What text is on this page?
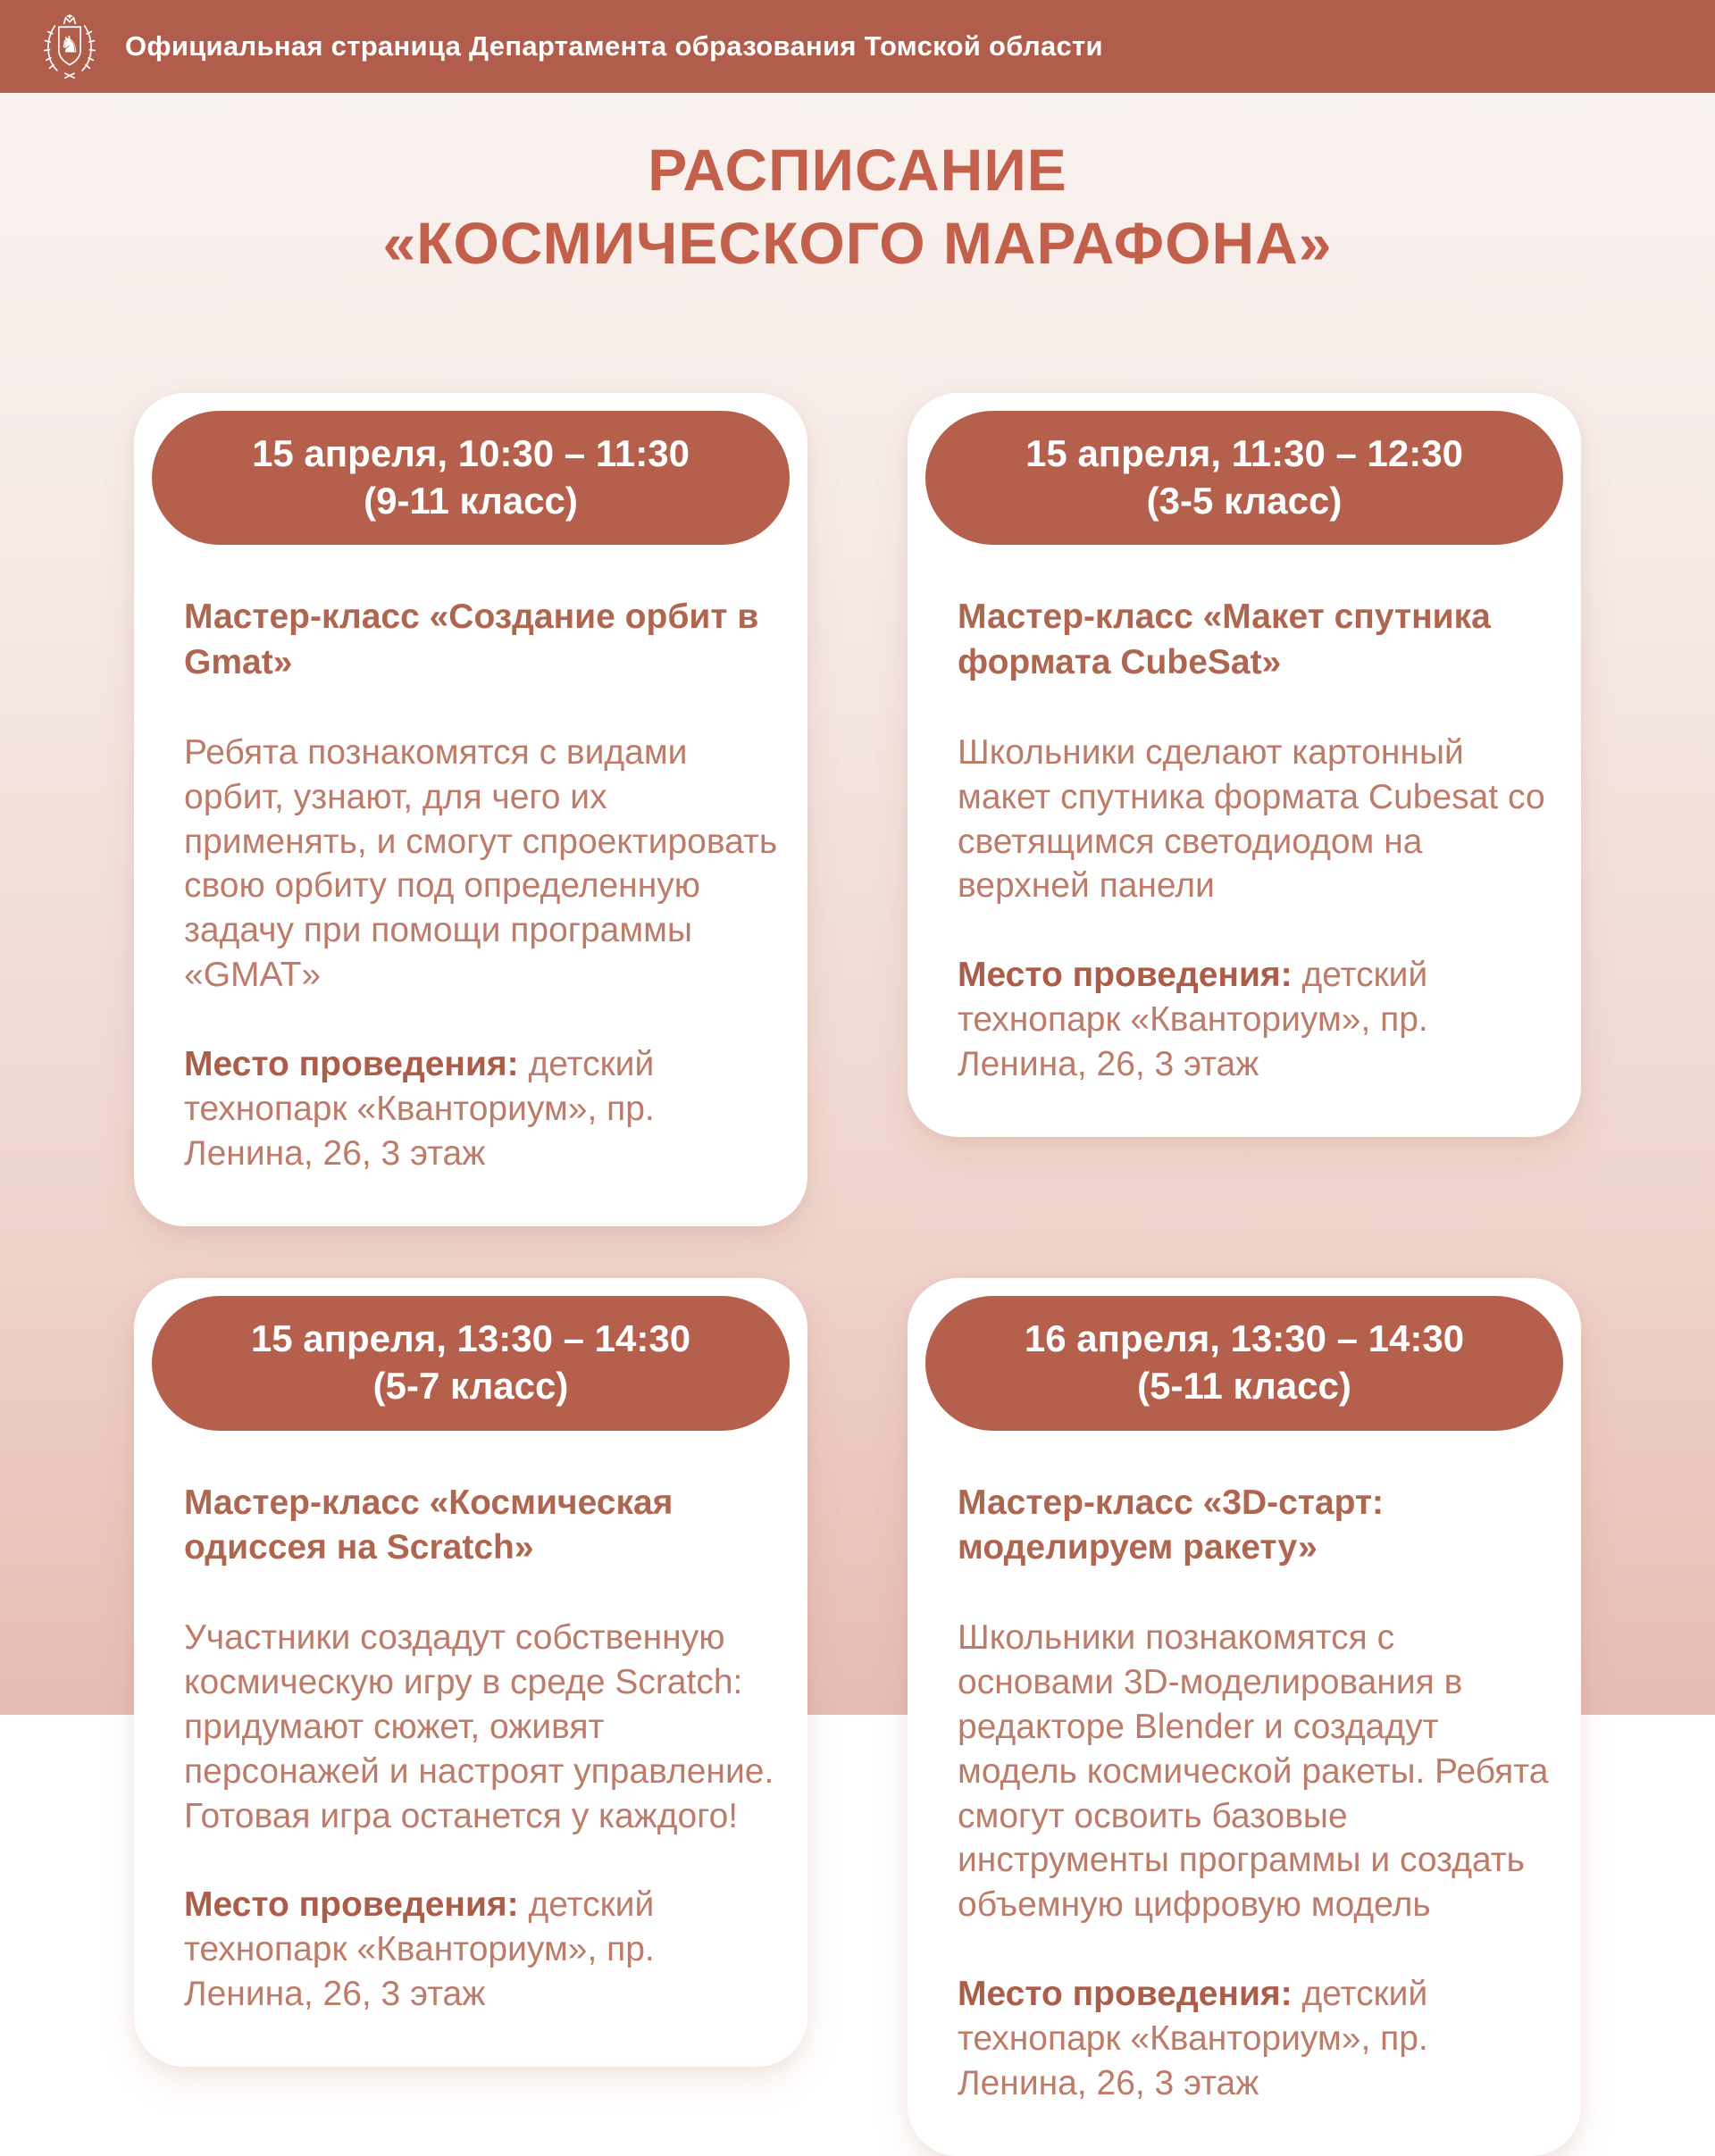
♞ Официальная страница Департамента образования Томской области
РАСПИСАНИЕ
«КОСМИЧЕСКОГО МАРАФОНА»
15 апреля, 10:30 – 11:30
(9-11 класс)
Мастер-класс «Создание орбит в Gmat»
Ребята познакомятся с видами орбит, узнают, для чего их применять, и смогут спроектировать свою орбиту под определенную задачу при помощи программы «GMAT»
Место проведения: детский технопарк «Кванториум», пр. Ленина, 26, 3 этаж
15 апреля, 11:30 – 12:30
(3-5 класс)
Мастер-класс «Макет спутника формата CubeSat»
Школьники сделают картонный макет спутника формата Cubesat со светящимся светодиодом на верхней панели
Место проведения: детский технопарк «Кванториум», пр. Ленина, 26, 3 этаж
15 апреля, 13:30 – 14:30
(5-7 класс)
Мастер-класс «Космическая одиссея на Scratch»
Участники создадут собственную космическую игру в среде Scratch: придумают сюжет, оживят персонажей и настроят управление. Готовая игра останется у каждого!
Место проведения: детский технопарк «Кванториум», пр. Ленина, 26, 3 этаж
16 апреля, 13:30 – 14:30
(5-11 класс)
Мастер-класс «3D-старт: моделируем ракету»
Школьники познакомятся с основами 3D-моделирования в редакторе Blender и создадут модель космической ракеты. Ребята смогут освоить базовые инструменты программы и создать объемную цифровую модель
Место проведения: детский технопарк «Кванториум», пр. Ленина, 26, 3 этаж
